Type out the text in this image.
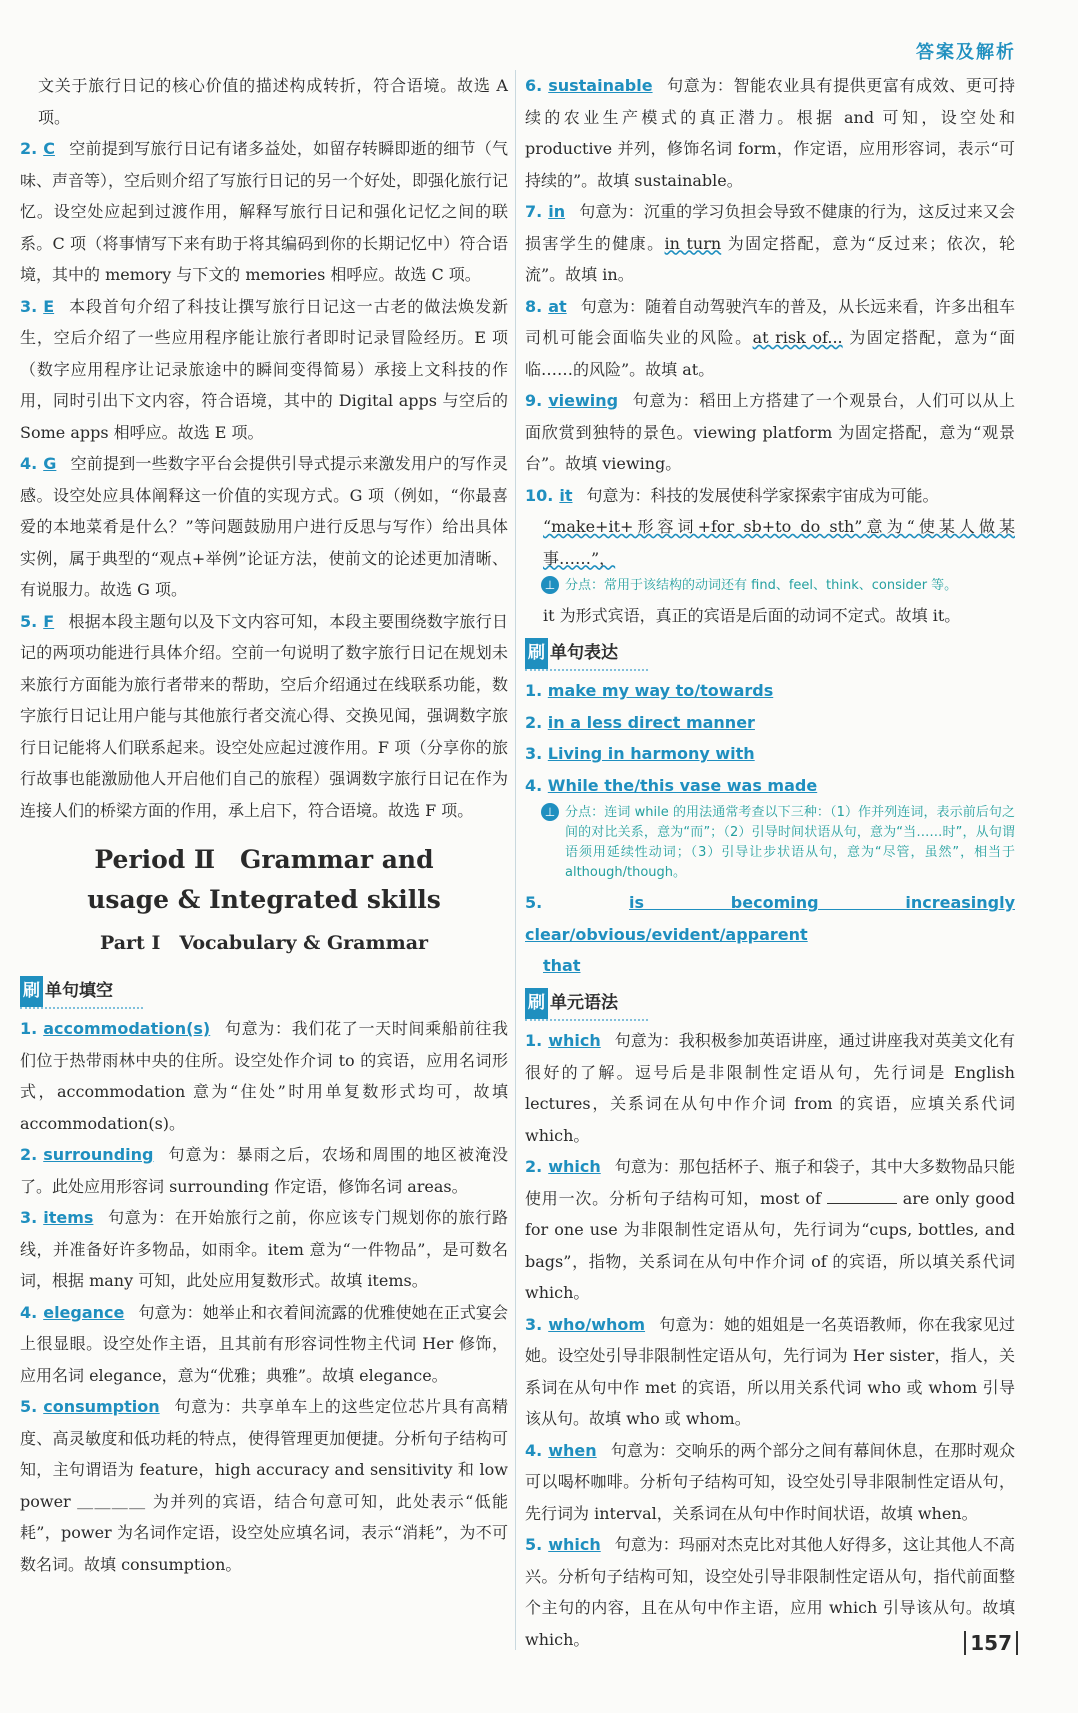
答案及解析

文关于旅行日记的核心价值的描述构成转折，符合语境。故选 A 项。

2. C 空前提到写旅行日记有诸多益处，如留存转瞬即逝的细节（气味、声音等），空后则介绍了写旅行日记的另一个好处，即强化旅行记忆。设空处应起到过渡作用，解释写旅行日记和强化记忆之间的联系。C 项（将事情写下来有助于将其编码到你的长期记忆中）符合语境，其中的 memory 与下文的 memories 相呼应。故选 C 项。
3. E 本段首句介绍了科技让撰写旅行日记这一古老的做法焕发新生，空后介绍了一些应用程序能让旅行者即时记录冒险经历。E 项（数字应用程序让记录旅途中的瞬间变得简易）承接上文科技的作用，同时引出下文内容，符合语境，其中的 Digital apps 与空后的 Some apps 相呼应。故选 E 项。
4. G 空前提到一些数字平台会提供引导式提示来激发用户的写作灵感。设空处应具体阐释这一价值的实现方式。G 项（例如，“你最喜爱的本地菜肴是什么？”等问题鼓励用户进行反思与写作）给出具体实例，属于典型的“观点+举例”论证方法，使前文的论述更加清晰、有说服力。故选 G 项。
5. F 根据本段主题句以及下文内容可知，本段主要围绕数字旅行日记的两项功能进行具体介绍。空前一句说明了数字旅行日记在规划未来旅行方面能为旅行者带来的帮助，空后介绍通过在线联系功能，数字旅行日记让用户能与其他旅行者交流心得、交换见闻，强调数字旅行日记能将人们联系起来。设空处应起过渡作用。F 项（分享你的旅行故事也能激励他人开启他们自己的旅程）强调数字旅行日记在作为连接人们的桥梁方面的作用，承上启下，符合语境。故选 F 项。
Period Ⅱ　Grammar and
usage & Integrated skills
Part Ⅰ　Vocabulary & Grammar
刷 单句填空
1. accommodation(s) 句意为：我们花了一天时间乘船前往我们位于热带雨林中央的住所。设空处作介词 to 的宾语，应用名词形式，accommodation 意为“住处”时用单复数形式均可，故填 accommodation(s)。
2. surrounding 句意为：暴雨之后，农场和周围的地区被淹没了。此处应用形容词 surrounding 作定语，修饰名词 areas。
3. items 句意为：在开始旅行之前，你应该专门规划你的旅行路线，并准备好许多物品，如雨伞。item 意为“一件物品”，是可数名词，根据 many 可知，此处应用复数形式。故填 items。
4. elegance 句意为：她举止和衣着间流露的优雅使她在正式宴会上很显眼。设空处作主语，且其前有形容词性物主代词 Her 修饰，应用名词 elegance，意为“优雅；典雅”。故填 elegance。
5. consumption 句意为：共享单车上的这些定位芯片具有高精度、高灵敏度和低功耗的特点，使得管理更加便捷。分析句子结构可知，主句谓语为 feature，high accuracy and sensitivity 和 low power ＿＿＿＿ 为并列的宾语，结合句意可知，此处表示“低能耗”，power 为名词作定语，设空处应填名词，表示“消耗”，为不可数名词。故填 consumption。
6. sustainable 句意为：智能农业具有提供更富有成效、更可持续的农业生产模式的真正潜力。根据 and 可知，设空处和 productive 并列，修饰名词 form，作定语，应用形容词，表示“可持续的”。故填 sustainable。
7. in 句意为：沉重的学习负担会导致不健康的行为，这反过来又会损害学生的健康。in turn 为固定搭配，意为“反过来；依次，轮流”。故填 in。
8. at 句意为：随着自动驾驶汽车的普及，从长远来看，许多出租车司机可能会面临失业的风险。at risk of... 为固定搭配，意为“面临……的风险”。故填 at。
9. viewing 句意为：稻田上方搭建了一个观景台，人们可以从上面欣赏到独特的景色。viewing platform 为固定搭配，意为“观景台”。故填 viewing。
10. it 句意为：科技的发展使科学家探索宇宙成为可能。
“make+it+形容词+for sb+to do sth”意为“使某人做某事……”，
⊥ 分点：常用于该结构的动词还有 find、feel、think、consider 等。

it 为形式宾语，真正的宾语是后面的动词不定式。故填 it。

刷 单句表达
1. make my way to/towards
2. in a less direct manner
3. Living in harmony with
4. While the/this vase was made
⊥ 分点：连词 while 的用法通常考查以下三种：（1）作并列连词，表示前后句之间的对比关系，意为“而”；（2）引导时间状语从句，意为“当……时”，从句谓语须用延续性动词；（3）引导让步状语从句，意为“尽管，虽然”，相当于 although/though。
5.	is becoming increasingly clear/obvious/evident/apparent
that
刷 单元语法
1. which 句意为：我积极参加英语讲座，通过讲座我对英美文化有很好的了解。逗号后是非限制性定语从句，先行词是 English lectures，关系词在从句中作介词 from 的宾语，应填关系代词 which。
2. which 句意为：那包括杯子、瓶子和袋子，其中大多数物品只能使用一次。分析句子结构可知，most of	are only good for one use 为非限制性定语从句，先行词为“cups, bottles, and bags”，指物，关系词在从句中作介词 of 的宾语，所以填关系代词 which。
3. who/whom 句意为：她的姐姐是一名英语教师，你在我家见过她。设空处引导非限制性定语从句，先行词为 Her sister，指人，关系词在从句中作 met 的宾语，所以用关系代词 who 或 whom 引导该从句。故填 who 或 whom。
4. when 句意为：交响乐的两个部分之间有幕间休息，在那时观众可以喝杯咖啡。分析句子结构可知，设空处引导非限制性定语从句，先行词为 interval，关系词在从句中作时间状语，故填 when。
5. which 句意为：玛丽对杰克比对其他人好得多，这让其他人不高兴。分析句子结构可知，设空处引导非限制性定语从句，指代前面整个主句的内容，且在从句中作主语，应用 which 引导该从句。故填 which。	157
